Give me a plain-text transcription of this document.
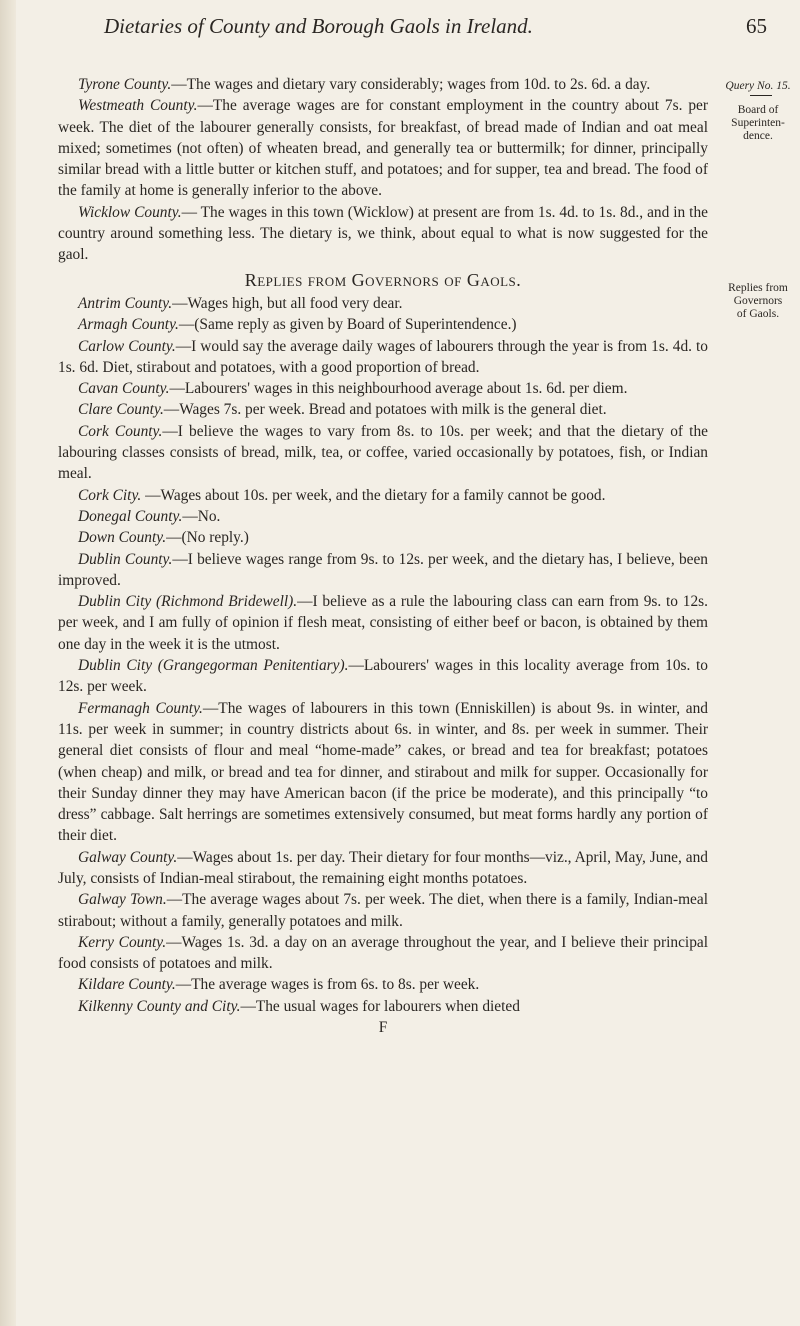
Dietaries of County and Borough Gaols in Ireland.	65
Query No. 15.
Board of
Superinten-
dence.
Replies from
Governors
of Gaols.

Tyrone County.—The wages and dietary vary considerably; wages from 10d. to 2s. 6d. a day.

Westmeath County.—The average wages are for constant employment in the country about 7s. per week. The diet of the labourer generally consists, for breakfast, of bread made of Indian and oat meal mixed; sometimes (not often) of wheaten bread, and generally tea or buttermilk; for dinner, principally similar bread with a little butter or kitchen stuff, and potatoes; and for supper, tea and bread. The food of the family at home is generally inferior to the above.

Wicklow County.— The wages in this town (Wicklow) at present are from 1s. 4d. to 1s. 8d., and in the country around something less. The dietary is, we think, about equal to what is now suggested for the gaol.

Replies from Governors of Gaols.

Antrim County.—Wages high, but all food very dear.

Armagh County.—(Same reply as given by Board of Superintendence.)

Carlow County.—I would say the average daily wages of labourers through the year is from 1s. 4d. to 1s. 6d. Diet, stirabout and potatoes, with a good proportion of bread.

Cavan County.—Labourers' wages in this neighbourhood average about 1s. 6d. per diem.

Clare County.—Wages 7s. per week. Bread and potatoes with milk is the general diet.

Cork County.—I believe the wages to vary from 8s. to 10s. per week; and that the dietary of the labouring classes consists of bread, milk, tea, or coffee, varied occasionally by potatoes, fish, or Indian meal.

Cork City. —Wages about 10s. per week, and the dietary for a family cannot be good.

Donegal County.—No.

Down County.—(No reply.)

Dublin County.—I believe wages range from 9s. to 12s. per week, and the dietary has, I believe, been improved.

Dublin City (Richmond Bridewell).—I believe as a rule the labouring class can earn from 9s. to 12s. per week, and I am fully of opinion if flesh meat, consisting of either beef or bacon, is obtained by them one day in the week it is the utmost.

Dublin City (Grangegorman Penitentiary).—Labourers' wages in this locality average from 10s. to 12s. per week.

Fermanagh County.—The wages of labourers in this town (Enniskillen) is about 9s. in winter, and 11s. per week in summer; in country districts about 6s. in winter, and 8s. per week in summer. Their general diet consists of flour and meal “home-made” cakes, or bread and tea for breakfast; potatoes (when cheap) and milk, or bread and tea for dinner, and stirabout and milk for supper. Occasionally for their Sunday dinner they may have American bacon (if the price be moderate), and this principally “to dress” cabbage. Salt herrings are sometimes extensively consumed, but meat forms hardly any portion of their diet.

Galway County.—Wages about 1s. per day. Their dietary for four months—viz., April, May, June, and July, consists of Indian-meal stirabout, the remaining eight months potatoes.

Galway Town.—The average wages about 7s. per week. The diet, when there is a family, Indian-meal stirabout; without a family, generally potatoes and milk.

Kerry County.—Wages 1s. 3d. a day on an average throughout the year, and I believe their principal food consists of potatoes and milk.

Kildare County.—The average wages is from 6s. to 8s. per week.

Kilkenny County and City.—The usual wages for labourers when dieted

F
